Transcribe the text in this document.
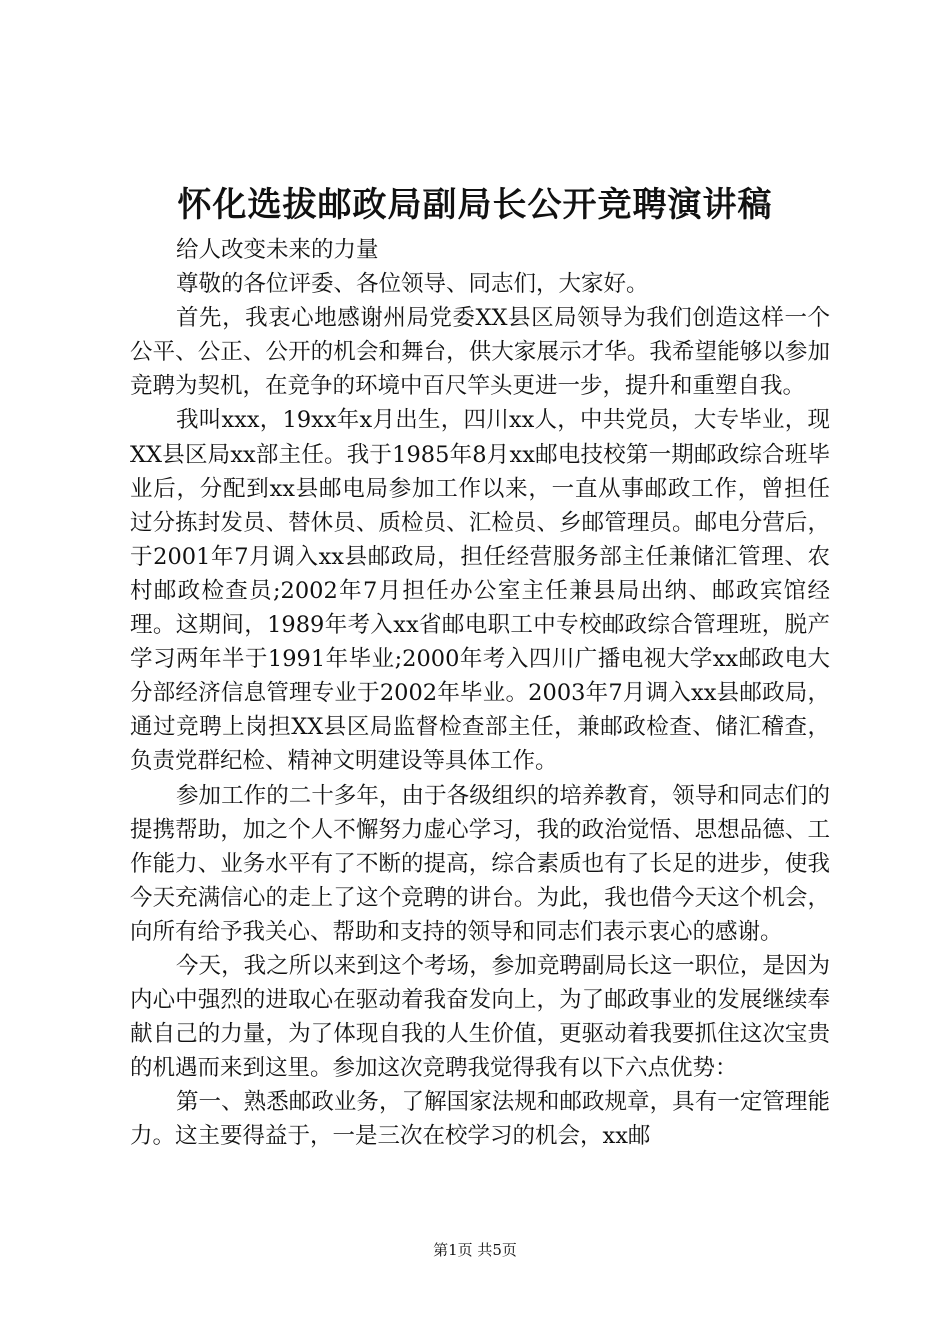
怀化选拔邮政局副局长公开竞聘演讲稿

给人改变未来的力量

尊敬的各位评委、各位领导、同志们，大家好。

首先，我衷心地感谢州局党委XX县区局领导为我们创造这样一个公平、公正、公开的机会和舞台，供大家展示才华。我希望能够以参加竞聘为契机，在竞争的环境中百尺竿头更进一步，提升和重塑自我。

我叫xxx，19xx年x月出生，四川xx人，中共党员，大专毕业，现XX县区局xx部主任。我于1985年8月xx邮电技校第一期邮政综合班毕业后，分配到xx县邮电局参加工作以来，一直从事邮政工作，曾担任过分拣封发员、替休员、质检员、汇检员、乡邮管理员。邮电分营后，于2001年7月调入xx县邮政局，担任经营服务部主任兼储汇管理、农村邮政检查员;2002年7月担任办公室主任兼县局出纳、邮政宾馆经理。这期间，1989年考入xx省邮电职工中专校邮政综合管理班，脱产学习两年半于1991年毕业;2000年考入四川广播电视大学xx邮政电大分部经济信息管理专业于2002年毕业。2003年7月调入xx县邮政局，通过竞聘上岗担XX县区局监督检查部主任，兼邮政检查、储汇稽查，负责党群纪检、精神文明建设等具体工作。

参加工作的二十多年，由于各级组织的培养教育，领导和同志们的提携帮助，加之个人不懈努力虚心学习，我的政治觉悟、思想品德、工作能力、业务水平有了不断的提高，综合素质也有了长足的进步，使我今天充满信心的走上了这个竞聘的讲台。为此，我也借今天这个机会，向所有给予我关心、帮助和支持的领导和同志们表示衷心的感谢。

今天，我之所以来到这个考场，参加竞聘副局长这一职位，是因为内心中强烈的进取心在驱动着我奋发向上，为了邮政事业的发展继续奉献自己的力量，为了体现自我的人生价值，更驱动着我要抓住这次宝贵的机遇而来到这里。参加这次竞聘我觉得我有以下六点优势：

第一、熟悉邮政业务，了解国家法规和邮政规章，具有一定管理能力。这主要得益于，一是三次在校学习的机会，xx邮

第1页 共5页
